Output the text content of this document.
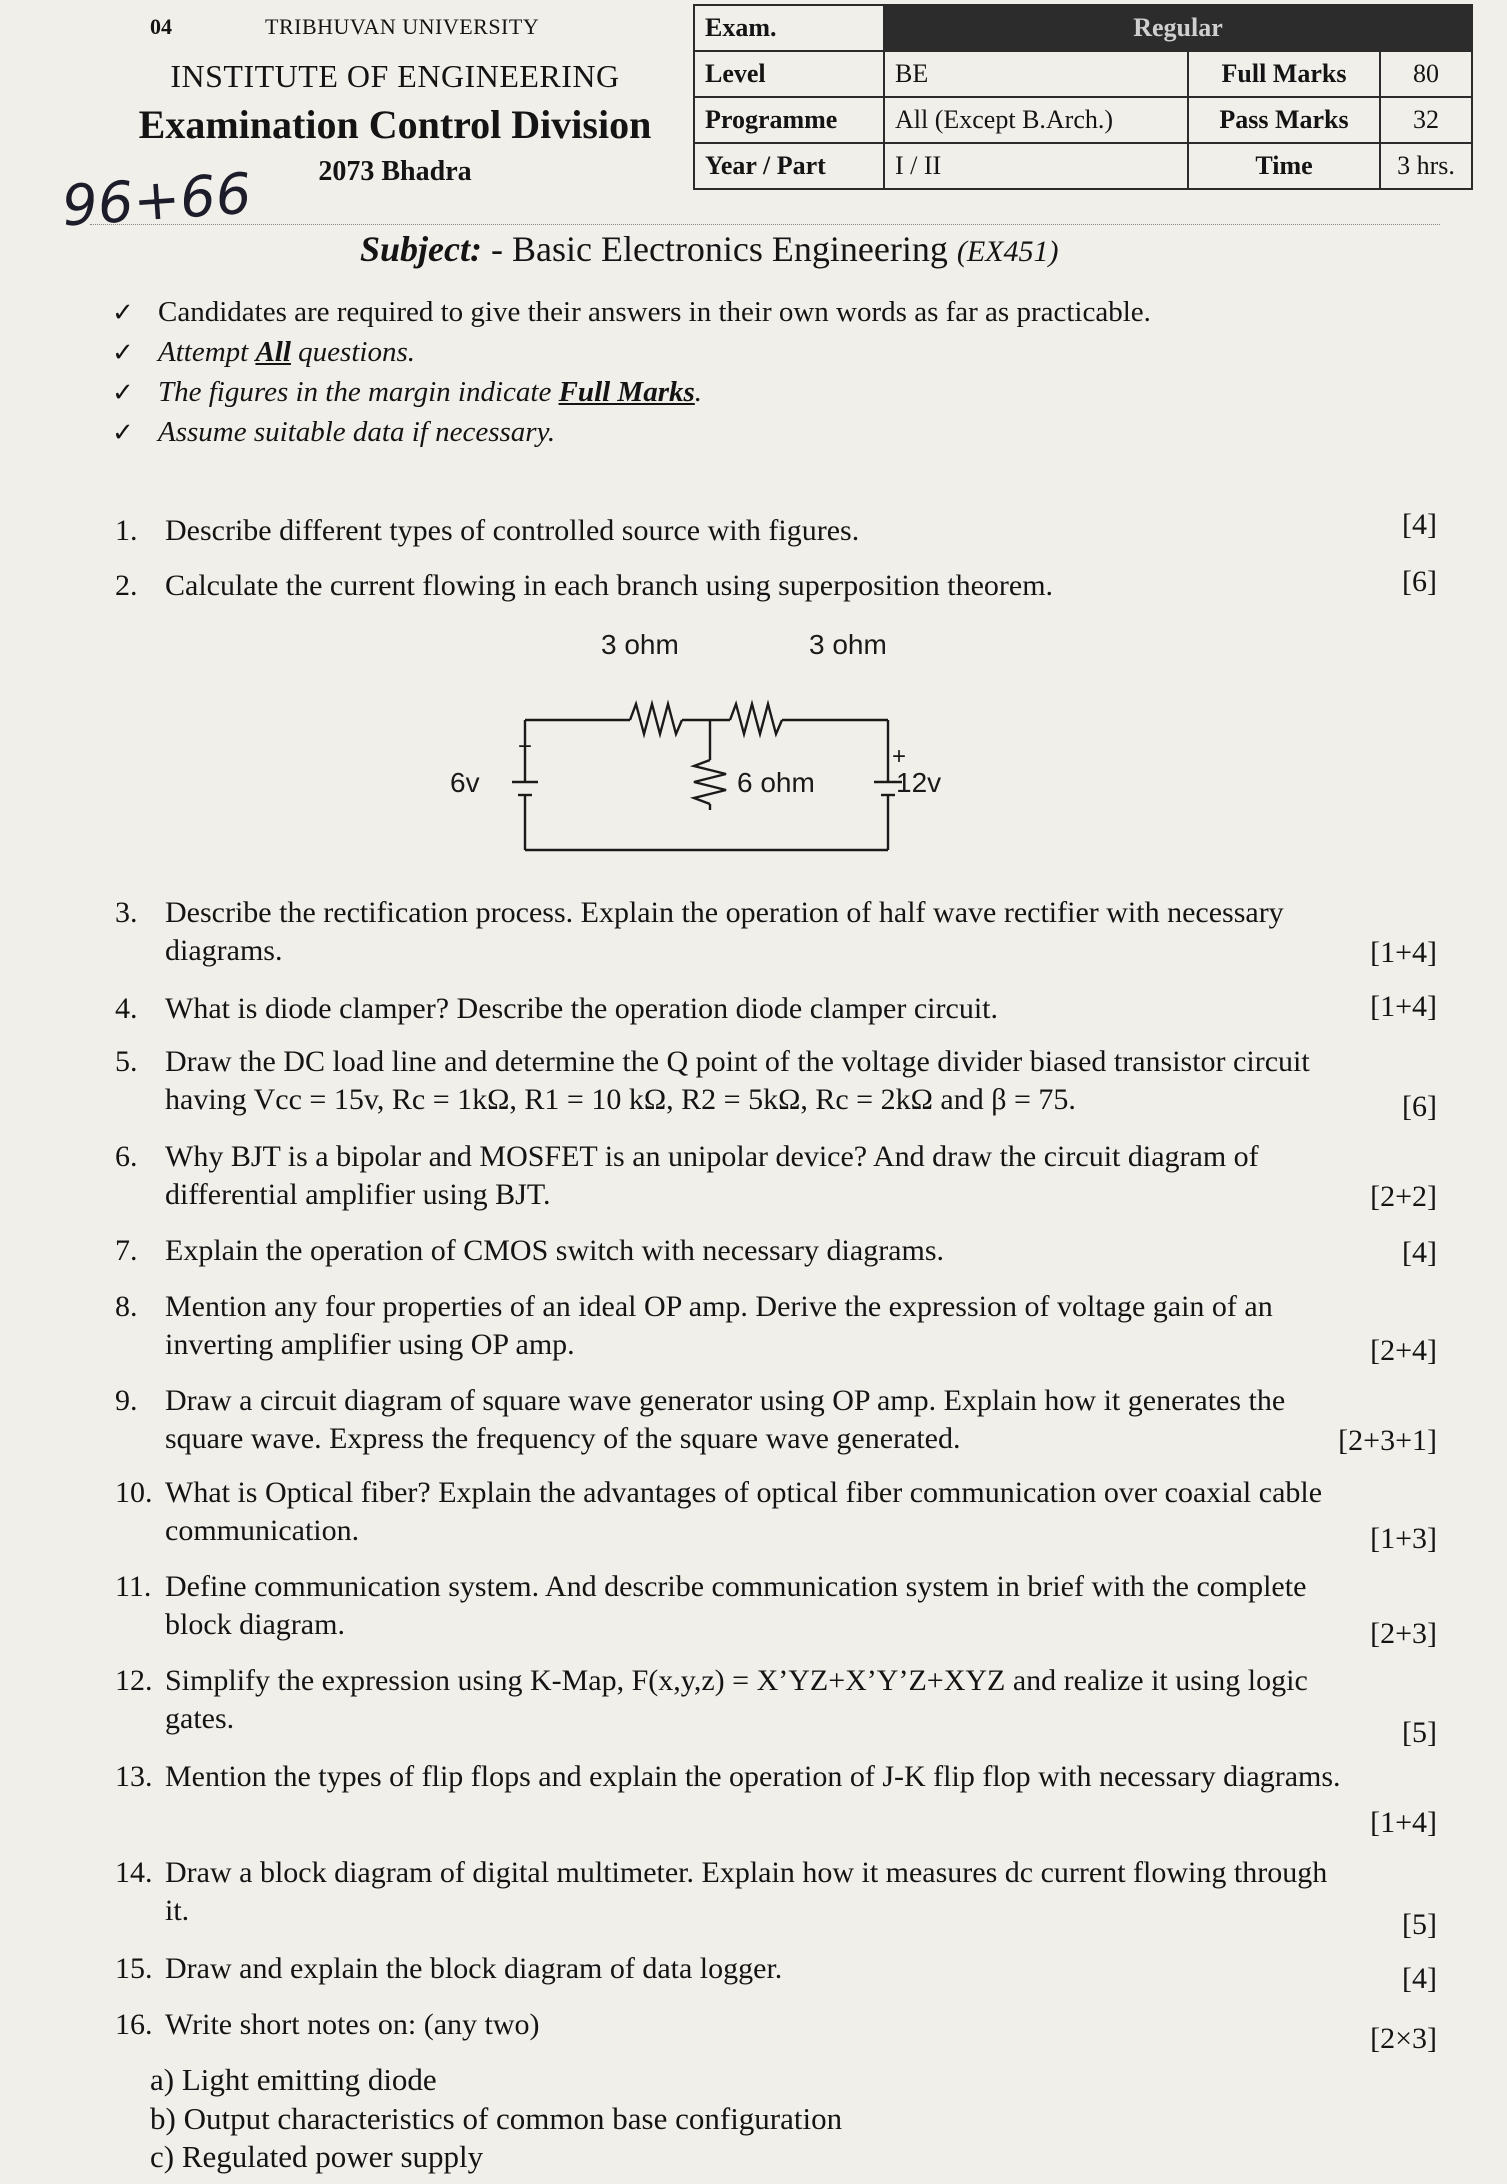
04	TRIBHUVAN UNIVERSITY
INSTITUTE OF ENGINEERING
Examination Control Division
2073 Bhadra
96+66
Exam.	Regular		
Level	BE	Full Marks	80
Programme	All (Except B.Arch.)	Pass Marks	32
Year / Part	I / II	Time	3 hrs.
Subject: - Basic Electronics Engineering (EX451)
✓ Candidates are required to give their answers in their own words as far as practicable.
✓ Attempt All questions.
✓ The figures in the margin indicate Full Marks.
✓ Assume suitable data if necessary.
1. Describe different types of controlled source with figures.	[4]
2. Calculate the current flowing in each branch using superposition theorem.	[6]
3 ohm	3 ohm
6 ohm
6v	12v
+	+
3. Describe the rectification process. Explain the operation of half wave rectifier with necessary diagrams.	[1+4]
4. What is diode clamper? Describe the operation diode clamper circuit.	[1+4]
5. Draw the DC load line and determine the Q point of the voltage divider biased transistor circuit having Vcc = 15v, Rc = 1kΩ, R1 = 10 kΩ, R2 = 5kΩ, Rc = 2kΩ and β = 75.	[6]
6. Why BJT is a bipolar and MOSFET is an unipolar device? And draw the circuit diagram of differential amplifier using BJT.	[2+2]
7. Explain the operation of CMOS switch with necessary diagrams.	[4]
8. Mention any four properties of an ideal OP amp. Derive the expression of voltage gain of an inverting amplifier using OP amp.	[2+4]
9. Draw a circuit diagram of square wave generator using OP amp. Explain how it generates the square wave. Express the frequency of the square wave generated.	[2+3+1]
10. What is Optical fiber? Explain the advantages of optical fiber communication over coaxial cable communication.	[1+3]
11. Define communication system. And describe communication system in brief with the complete block diagram.	[2+3]
12. Simplify the expression using K-Map, F(x,y,z) = X’YZ+X’Y’Z+XYZ and realize it using logic gates.	[5]
13. Mention the types of flip flops and explain the operation of J-K flip flop with necessary diagrams.
[1+4]
14. Draw a block diagram of digital multimeter. Explain how it measures dc current flowing through it.	[5]
15. Draw and explain the block diagram of data logger.	[4]
16. Write short notes on: (any two)	[2×3]
a) Light emitting diode
b) Output characteristics of common base configuration
c) Regulated power supply
